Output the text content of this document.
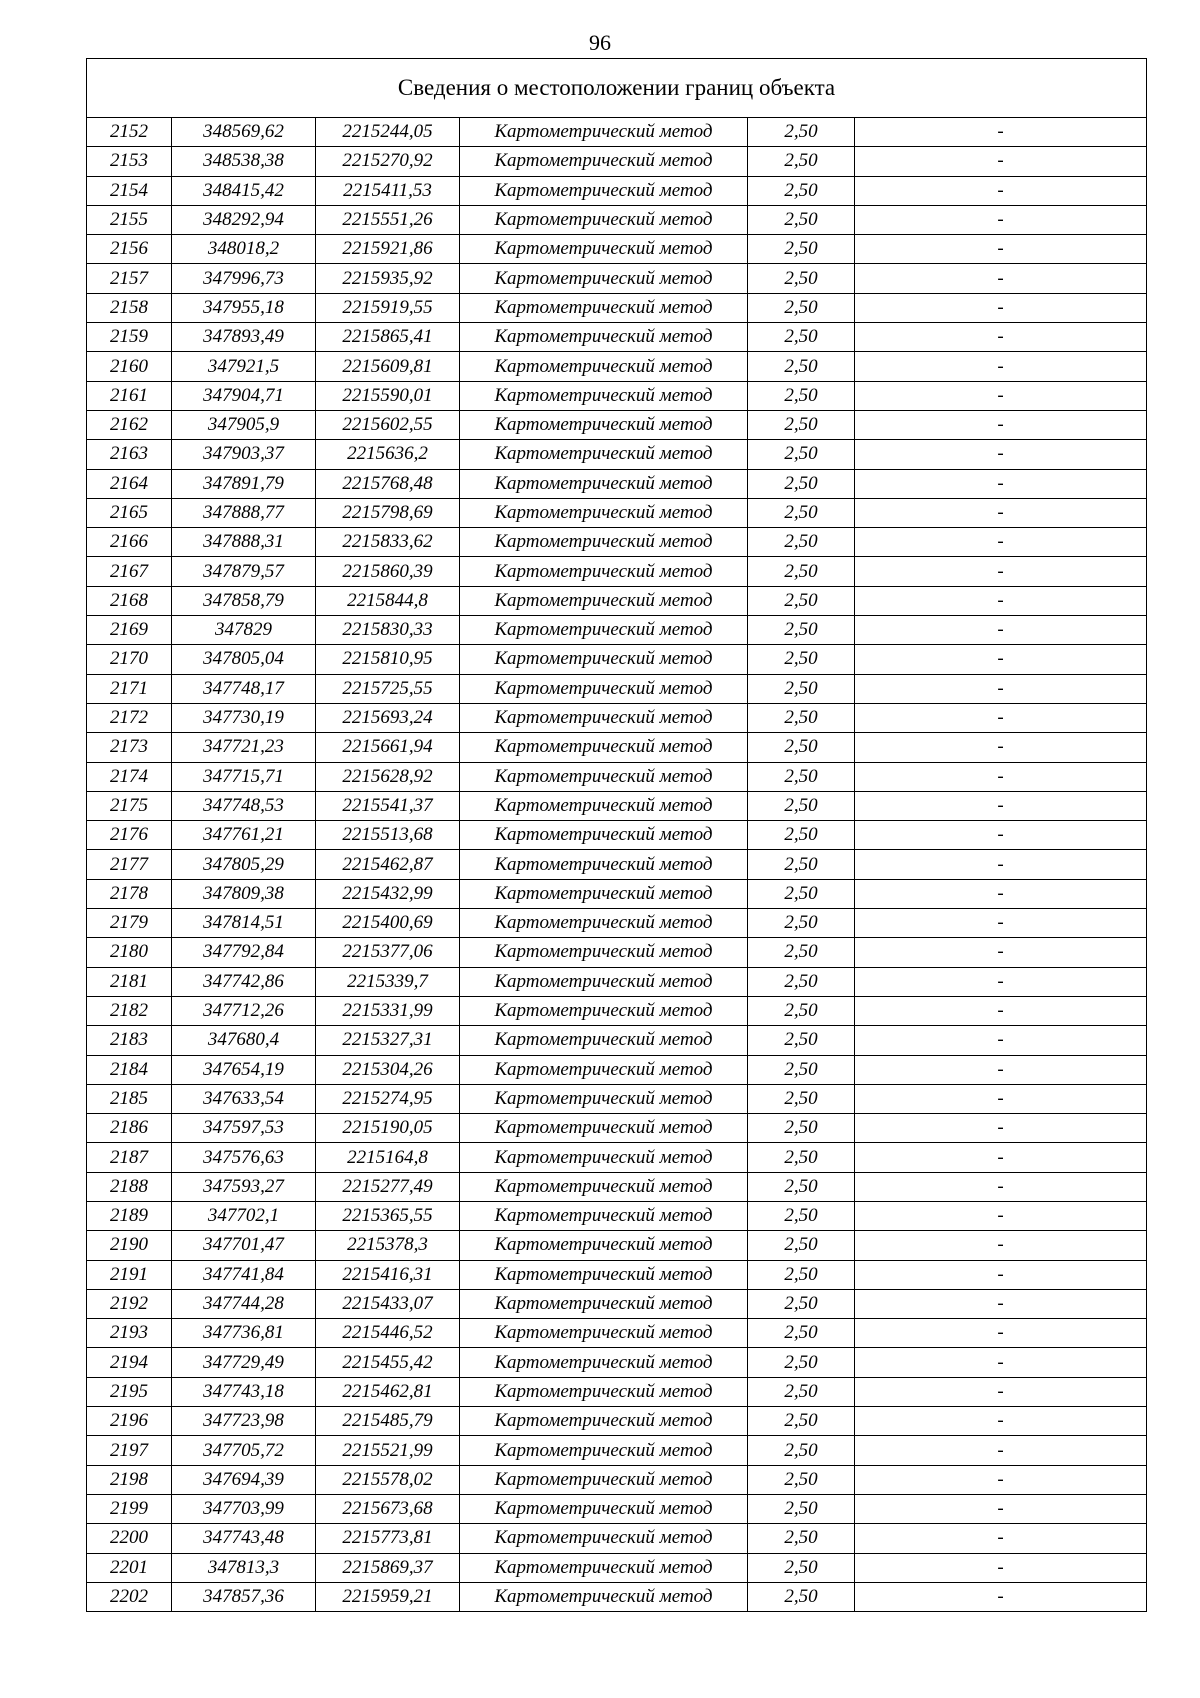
96
Сведения о местоположении границ объекта					
2152	348569,62	2215244,05	Картометрический метод	2,50	-
2153	348538,38	2215270,92	Картометрический метод	2,50	-
2154	348415,42	2215411,53	Картометрический метод	2,50	-
2155	348292,94	2215551,26	Картометрический метод	2,50	-
2156	348018,2	2215921,86	Картометрический метод	2,50	-
2157	347996,73	2215935,92	Картометрический метод	2,50	-
2158	347955,18	2215919,55	Картометрический метод	2,50	-
2159	347893,49	2215865,41	Картометрический метод	2,50	-
2160	347921,5	2215609,81	Картометрический метод	2,50	-
2161	347904,71	2215590,01	Картометрический метод	2,50	-
2162	347905,9	2215602,55	Картометрический метод	2,50	-
2163	347903,37	2215636,2	Картометрический метод	2,50	-
2164	347891,79	2215768,48	Картометрический метод	2,50	-
2165	347888,77	2215798,69	Картометрический метод	2,50	-
2166	347888,31	2215833,62	Картометрический метод	2,50	-
2167	347879,57	2215860,39	Картометрический метод	2,50	-
2168	347858,79	2215844,8	Картометрический метод	2,50	-
2169	347829	2215830,33	Картометрический метод	2,50	-
2170	347805,04	2215810,95	Картометрический метод	2,50	-
2171	347748,17	2215725,55	Картометрический метод	2,50	-
2172	347730,19	2215693,24	Картометрический метод	2,50	-
2173	347721,23	2215661,94	Картометрический метод	2,50	-
2174	347715,71	2215628,92	Картометрический метод	2,50	-
2175	347748,53	2215541,37	Картометрический метод	2,50	-
2176	347761,21	2215513,68	Картометрический метод	2,50	-
2177	347805,29	2215462,87	Картометрический метод	2,50	-
2178	347809,38	2215432,99	Картометрический метод	2,50	-
2179	347814,51	2215400,69	Картометрический метод	2,50	-
2180	347792,84	2215377,06	Картометрический метод	2,50	-
2181	347742,86	2215339,7	Картометрический метод	2,50	-
2182	347712,26	2215331,99	Картометрический метод	2,50	-
2183	347680,4	2215327,31	Картометрический метод	2,50	-
2184	347654,19	2215304,26	Картометрический метод	2,50	-
2185	347633,54	2215274,95	Картометрический метод	2,50	-
2186	347597,53	2215190,05	Картометрический метод	2,50	-
2187	347576,63	2215164,8	Картометрический метод	2,50	-
2188	347593,27	2215277,49	Картометрический метод	2,50	-
2189	347702,1	2215365,55	Картометрический метод	2,50	-
2190	347701,47	2215378,3	Картометрический метод	2,50	-
2191	347741,84	2215416,31	Картометрический метод	2,50	-
2192	347744,28	2215433,07	Картометрический метод	2,50	-
2193	347736,81	2215446,52	Картометрический метод	2,50	-
2194	347729,49	2215455,42	Картометрический метод	2,50	-
2195	347743,18	2215462,81	Картометрический метод	2,50	-
2196	347723,98	2215485,79	Картометрический метод	2,50	-
2197	347705,72	2215521,99	Картометрический метод	2,50	-
2198	347694,39	2215578,02	Картометрический метод	2,50	-
2199	347703,99	2215673,68	Картометрический метод	2,50	-
2200	347743,48	2215773,81	Картометрический метод	2,50	-
2201	347813,3	2215869,37	Картометрический метод	2,50	-
2202	347857,36	2215959,21	Картометрический метод	2,50	-
